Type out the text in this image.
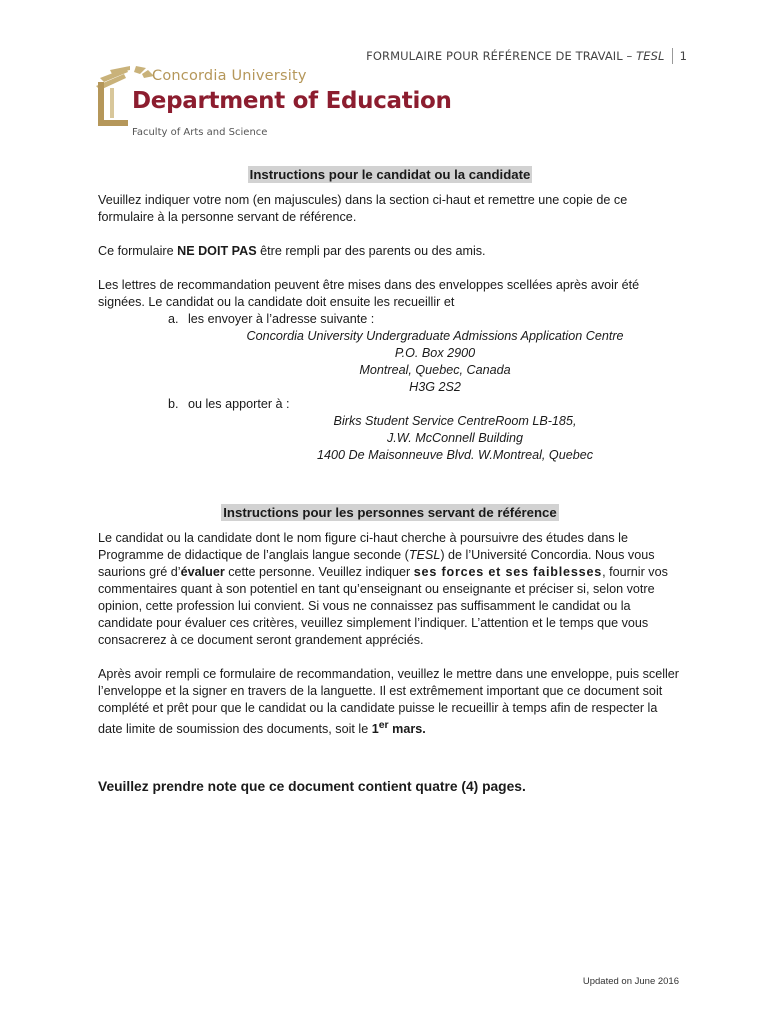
FORMULAIRE POUR RÉFÉRENCE DE TRAVAIL – TESL 1
Concordia University
Department of Education
Faculty of Arts and Science
Instructions pour le candidat ou la candidate

Veuillez indiquer votre nom (en majuscules) dans la section ci-haut et remettre une copie de ce formulaire à la personne servant de référence.

Ce formulaire NE DOIT PAS être rempli par des parents ou des amis.

Les lettres de recommandation peuvent être mises dans des enveloppes scellées après avoir été signées. Le candidat ou la candidate doit ensuite les recueillir et
a. les envoyer à l’adresse suivante :
Concordia University Undergraduate Admissions Application Centre
P.O. Box 2900
Montreal, Quebec, Canada
H3G 2S2
b. ou les apporter à :
Birks Student Service CentreRoom LB-185,
J.W. McConnell Building
1400 De Maisonneuve Blvd. W.Montreal, Quebec
Instructions pour les personnes servant de référence

Le candidat ou la candidate dont le nom figure ci-haut cherche à poursuivre des études dans le Programme de didactique de l’anglais langue seconde (TESL) de l’Université Concordia. Nous vous saurions gré d’évaluer cette personne. Veuillez indiquer ses forces et ses faiblesses, fournir vos commentaires quant à son potentiel en tant qu’enseignant ou enseignante et préciser si, selon votre opinion, cette profession lui convient. Si vous ne connaissez pas suffisamment le candidat ou la candidate pour évaluer ces critères, veuillez simplement l’indiquer. L’attention et le temps que vous consacrerez à ce document seront grandement appréciés.

Après avoir rempli ce formulaire de recommandation, veuillez le mettre dans une enveloppe, puis sceller l’enveloppe et la signer en travers de la languette. Il est extrêmement important que ce document soit complété et prêt pour que le candidat ou la candidate puisse le recueillir à temps afin de respecter la date limite de soumission des documents, soit le 1er mars.

Veuillez prendre note que ce document contient quatre (4) pages.
Updated on June 2016
